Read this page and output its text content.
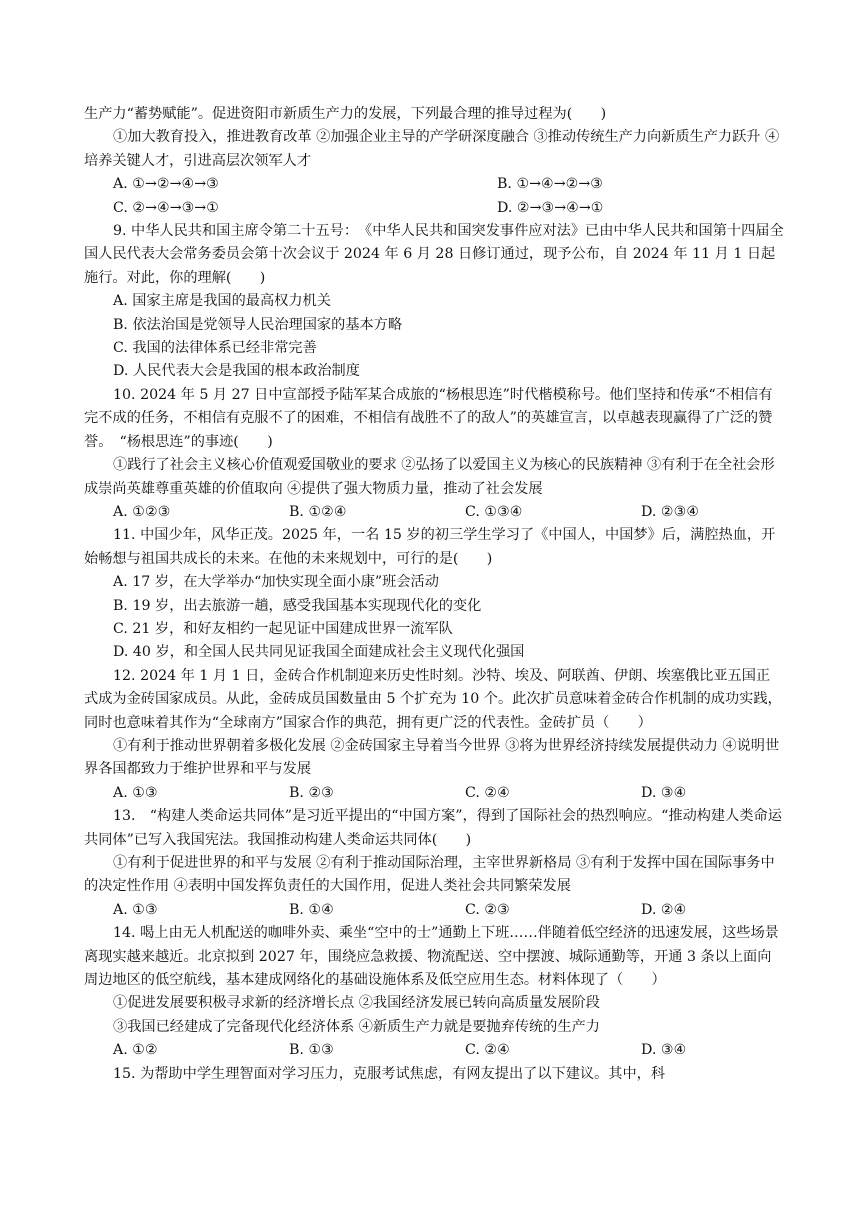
生产力“蓄势赋能”。促进资阳市新质生产力的发展，下列最合理的推导过程为(　　)

①加大教育投入，推进教育改革 ②加强企业主导的产学研深度融合 ③推动传统生产力向新质生产力跃升 ④培养关键人才，引进高层次领军人才

A. ①→②→④→③	B. ①→④→②→③
C. ②→④→③→①	D. ②→③→④→①

9. 中华人民共和国主席令第二十五号：　《中华人民共和国突发事件应对法》已由中华人民共和国第十四届全国人民代表大会常务委员会第十次会议于 2024 年 6 月 28 日修订通过，现予公布，自 2024 年 11 月 1 日起施行。对此，你的理解(　　)

A. 国家主席是我国的最高权力机关

B. 依法治国是党领导人民治理国家的基本方略

C. 我国的法律体系已经非常完善

D. 人民代表大会是我国的根本政治制度

10. 2024 年 5 月 27 日中宣部授予陆军某合成旅的“杨根思连”时代楷模称号。他们坚持和传承“不相信有完不成的任务，不相信有克服不了的困难，不相信有战胜不了的敌人”的英雄宣言，以卓越表现赢得了广泛的赞誉。　“杨根思连”的事迹(　　)

①践行了社会主义核心价值观爱国敬业的要求 ②弘扬了以爱国主义为核心的民族精神 ③有利于在全社会形成崇尚英雄尊重英雄的价值取向 ④提供了强大物质力量，推动了社会发展

A. ①②③	B. ①②④	C. ①③④	D. ②③④

11. 中国少年，风华正茂。2025 年，一名 15 岁的初三学生学习了《中国人，中国梦》后，满腔热血，开始畅想与祖国共成长的未来。在他的未来规划中，可行的是(　　)

A. 17 岁，在大学举办“加快实现全面小康”班会活动

B. 19 岁，出去旅游一趟，感受我国基本实现现代化的变化

C. 21 岁，和好友相约一起见证中国建成世界一流军队

D. 40 岁，和全国人民共同见证我国全面建成社会主义现代化强国

12. 2024 年 1 月 1 日，金砖合作机制迎来历史性时刻。沙特、埃及、阿联酋、伊朗、埃塞俄比亚五国正式成为金砖国家成员。从此，金砖成员国数量由 5 个扩充为 10 个。此次扩员意味着金砖合作机制的成功实践，同时也意味着其作为“全球南方”国家合作的典范，拥有更广泛的代表性。金砖扩员（　　）

①有利于推动世界朝着多极化发展 ②金砖国家主导着当今世界 ③将为世界经济持续发展提供动力 ④说明世界各国都致力于维护世界和平与发展

A. ①③	B. ②③	C. ②④	D. ③④

13.　“构建人类命运共同体”是习近平提出的“中国方案”，得到了国际社会的热烈响应。“推动构建人类命运共同体”已写入我国宪法。我国推动构建人类命运共同体(　　)

①有利于促进世界的和平与发展 ②有利于推动国际治理，主宰世界新格局 ③有利于发挥中国在国际事务中的决定性作用 ④表明中国发挥负责任的大国作用，促进人类社会共同繁荣发展

A. ①③	B. ①④	C. ②③	D. ②④

14. 喝上由无人机配送的咖啡外卖、乘坐“空中的士”通勤上下班……伴随着低空经济的迅速发展，这些场景离现实越来越近。北京拟到 2027 年，围绕应急救援、物流配送、空中摆渡、城际通勤等，开通 3 条以上面向周边地区的低空航线，基本建成网络化的基础设施体系及低空应用生态。材料体现了（　　）

①促进发展要积极寻求新的经济增长点 ②我国经济发展已转向高质量发展阶段

③我国已经建成了完备现代化经济体系 ④新质生产力就是要抛弃传统的生产力

A. ①②	B. ①③	C. ②④	D. ③④

15. 为帮助中学生理智面对学习压力，克服考试焦虑，有网友提出了以下建议。其中，科
